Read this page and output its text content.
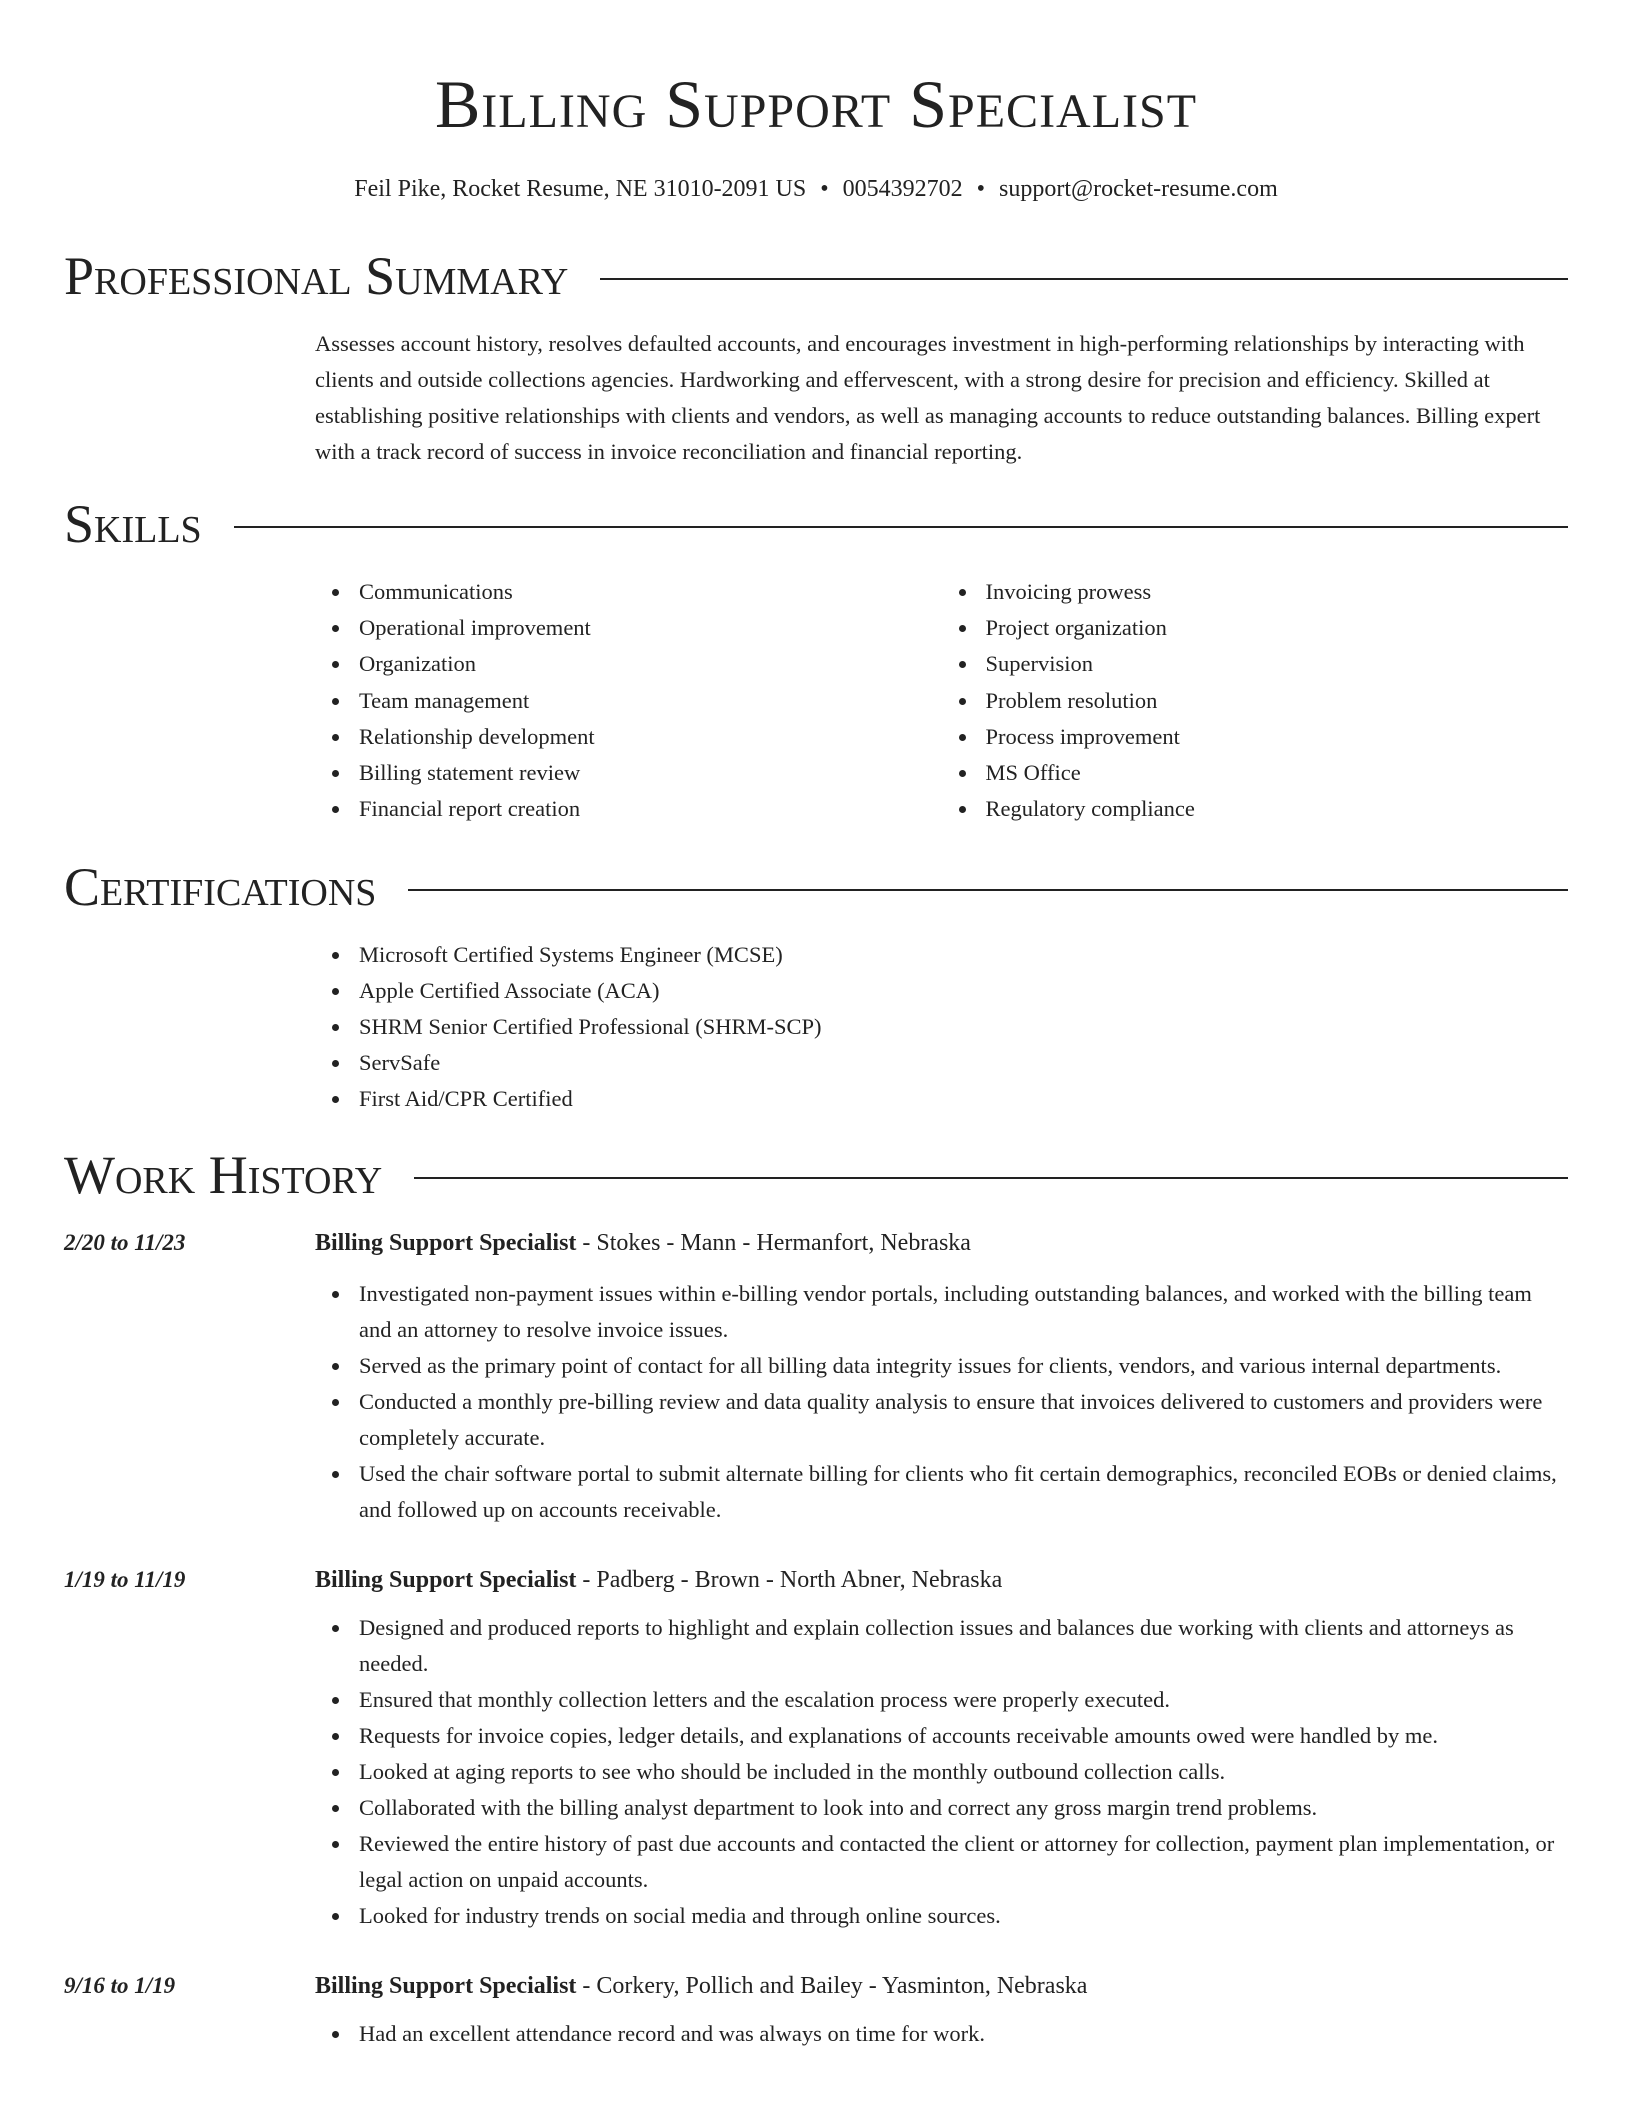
Billing Support Specialist
Feil Pike, Rocket Resume, NE 31010-2091 US • 0054392702 • support@rocket-resume.com
Professional Summary

Assesses account history, resolves defaulted accounts, and encourages investment in high-performing relationships by interacting with clients and outside collections agencies. Hardworking and effervescent, with a strong desire for precision and efficiency. Skilled at establishing positive relationships with clients and vendors, as well as managing accounts to reduce outstanding balances. Billing expert with a track record of success in invoice reconciliation and financial reporting.

Skills
Communications
Operational improvement
Organization
Team management
Relationship development
Billing statement review
Financial report creation
Invoicing prowess
Project organization
Supervision
Problem resolution
Process improvement
MS Office
Regulatory compliance
Certifications
Microsoft Certified Systems Engineer (MCSE)
Apple Certified Associate (ACA)
SHRM Senior Certified Professional (SHRM-SCP)
ServSafe
First Aid/CPR Certified
Work History
2/20 to 11/23	Billing Support Specialist - Stokes - Mann - Hermanfort, Nebraska
Investigated non-payment issues within e-billing vendor portals, including outstanding balances, and worked with the billing team and an attorney to resolve invoice issues.
Served as the primary point of contact for all billing data integrity issues for clients, vendors, and various internal departments.
Conducted a monthly pre-billing review and data quality analysis to ensure that invoices delivered to customers and providers were completely accurate.
Used the chair software portal to submit alternate billing for clients who fit certain demographics, reconciled EOBs or denied claims, and followed up on accounts receivable.
1/19 to 11/19	Billing Support Specialist - Padberg - Brown - North Abner, Nebraska
Designed and produced reports to highlight and explain collection issues and balances due working with clients and attorneys as needed.
Ensured that monthly collection letters and the escalation process were properly executed.
Requests for invoice copies, ledger details, and explanations of accounts receivable amounts owed were handled by me.
Looked at aging reports to see who should be included in the monthly outbound collection calls.
Collaborated with the billing analyst department to look into and correct any gross margin trend problems.
Reviewed the entire history of past due accounts and contacted the client or attorney for collection, payment plan implementation, or legal action on unpaid accounts.
Looked for industry trends on social media and through online sources.
9/16 to 1/19	Billing Support Specialist - Corkery, Pollich and Bailey - Yasminton, Nebraska
Had an excellent attendance record and was always on time for work.
